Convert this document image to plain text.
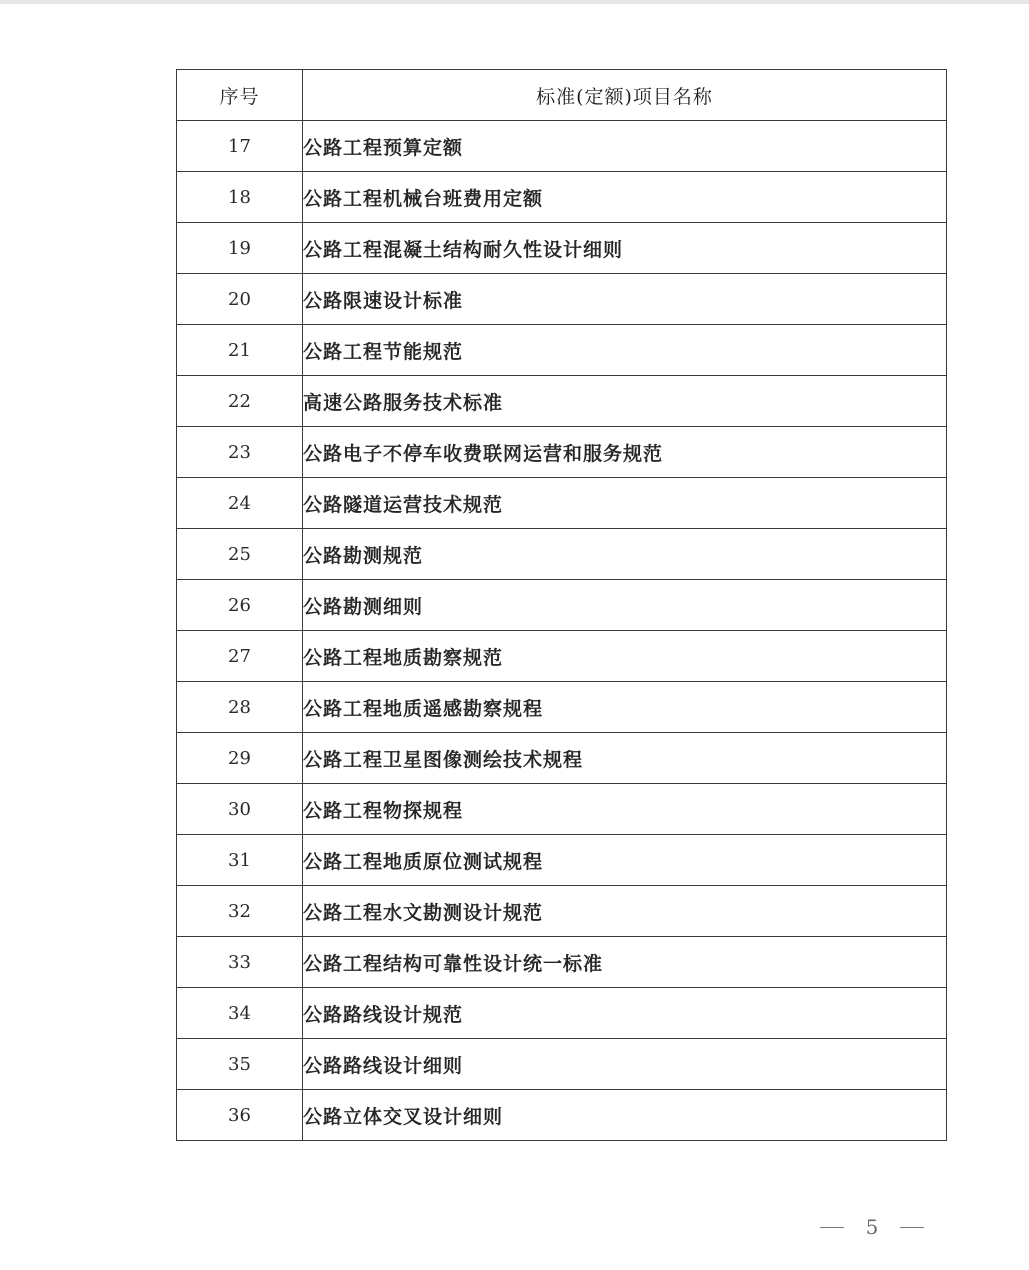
序号	标准(定额)项目名称
17	公路工程预算定额
18	公路工程机械台班费用定额
19	公路工程混凝土结构耐久性设计细则
20	公路限速设计标准
21	公路工程节能规范
22	高速公路服务技术标准
23	公路电子不停车收费联网运营和服务规范
24	公路隧道运营技术规范
25	公路勘测规范
26	公路勘测细则
27	公路工程地质勘察规范
28	公路工程地质遥感勘察规程
29	公路工程卫星图像测绘技术规程
30	公路工程物探规程
31	公路工程地质原位测试规程
32	公路工程水文勘测设计规范
33	公路工程结构可靠性设计统一标准
34	公路路线设计规范
35	公路路线设计细则
36	公路立体交叉设计细则
5
